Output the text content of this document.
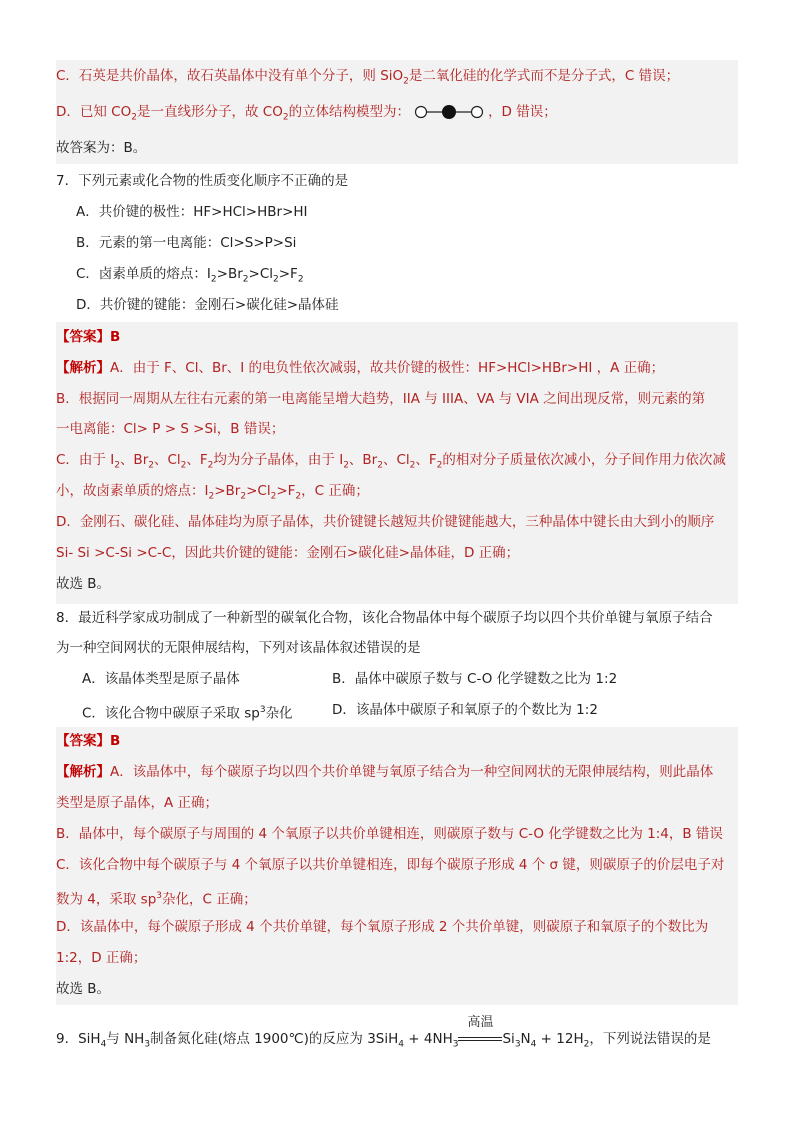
C．石英是共价晶体，故石英晶体中没有单个分子，则 SiO$_2$是二氧化硅的化学式而不是分子式，C 错误；
D．已知 $CO_2$是一直线形分子，故 $CO_2$的立体结构模型为：	，D 错误；
故答案为：B。
7．下列元素或化合物的性质变化顺序不正确的是
A．共价键的极性：HF>HCl>HBr>HI
B．元素的第一电离能：Cl>S>P>Si
C．卤素单质的熔点：$I_2>Br_2>Cl_2>F_2$
D．共价键的键能：金刚石>碳化硅>晶体硅
【答案】B
【解析】A．由于 F、Cl、Br、I 的电负性依次减弱，故共价键的极性：HF>HCl>HBr>HI ，A 正确；
B．根据同一周期从左往右元素的第一电离能呈增大趋势，IIA 与 IIIA、VA 与 VIA 之间出现反常，则元素的第
一电离能：Cl> P > S >Si，B 错误；
C．由于 $I_2$、$Br_2$、$Cl_2$、$F_2$均为分子晶体，由于 $I_2$、$Br_2$、$Cl_2$、$F_2$的相对分子质量依次减小，分子间作用力依次减
小，故卤素单质的熔点：$I_2>Br_2>Cl_2>F_2$，C 正确；
D．金刚石、碳化硅、晶体硅均为原子晶体，共价键键长越短共价键键能越大，三种晶体中键长由大到小的顺序
Si- Si >C-Si >C-C，因此共价键的键能：金刚石>碳化硅>晶体硅，D 正确；
故选 B。
8．最近科学家成功制成了一种新型的碳氧化合物，该化合物晶体中每个碳原子均以四个共价单键与氧原子结合
为一种空间网状的无限伸展结构，下列对该晶体叙述错误的是
A．该晶体类型是原子晶体	B．晶体中碳原子数与 C-O 化学键数之比为 1:2
C．该化合物中碳原子采取 $sp^3$杂化	D．该晶体中碳原子和氧原子的个数比为 1:2
【答案】B
【解析】A．该晶体中，每个碳原子均以四个共价单键与氧原子结合为一种空间网状的无限伸展结构，则此晶体
类型是原子晶体，A 正确；
B．晶体中，每个碳原子与周围的 4 个氧原子以共价单键相连，则碳原子数与 C-O 化学键数之比为 1:4，B 错误
C．该化合物中每个碳原子与 4 个氧原子以共价单键相连，即每个碳原子形成 4 个 σ 键，则碳原子的价层电子对
数为 4，采取 $sp^3$杂化，C 正确；
D．该晶体中，每个碳原子形成 4 个共价单键，每个氧原子形成 2 个共价单键，则碳原子和氧原子的个数比为
1:2，D 正确；
故选 B。
9．SiH$_4$与 $NH_3$制备氮化硅(熔点 1900℃)的反应为 $3SiH_4 + 4NH_3$
高温
$Si_3N_4 + 12H_2$，下列说法错误的是
